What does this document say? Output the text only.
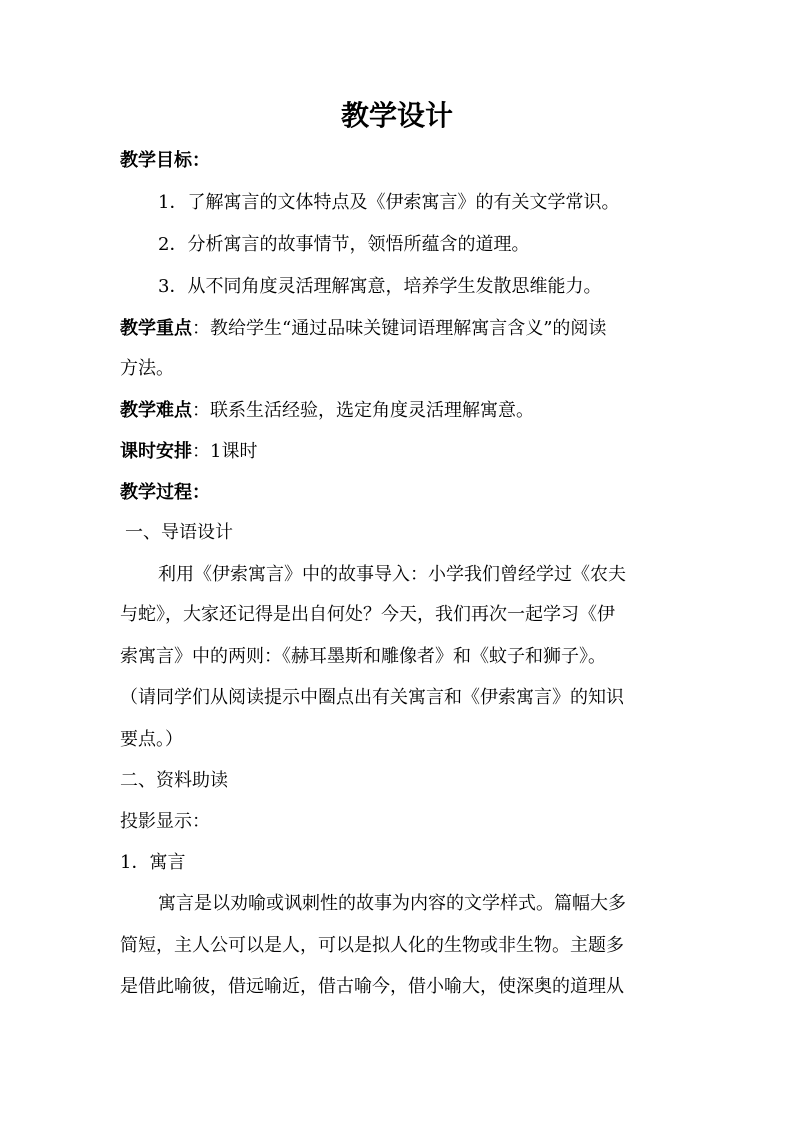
教学设计
教学目标：
1．了解寓言的文体特点及《伊索寓言》的有关文学常识。
2．分析寓言的故事情节，领悟所蕴含的道理。
3．从不同角度灵活理解寓意，培养学生发散思维能力。
教学重点：教给学生“通过品味关键词语理解寓言含义”的阅读
方法。
教学难点：联系生活经验，选定角度灵活理解寓意。
课时安排：1课时
教学过程：
一、导语设计
利用《伊索寓言》中的故事导入：小学我们曾经学过《农夫
与蛇》，大家还记得是出自何处？今天，我们再次一起学习《伊
索寓言》中的两则：《赫耳墨斯和雕像者》和《蚊子和狮子》。
（请同学们从阅读提示中圈点出有关寓言和《伊索寓言》的知识
要点。）
二、资料助读
投影显示：
1．寓言
寓言是以劝喻或讽刺性的故事为内容的文学样式。篇幅大多
简短，主人公可以是人，可以是拟人化的生物或非生物。主题多
是借此喻彼，借远喻近，借古喻今，借小喻大，使深奥的道理从
